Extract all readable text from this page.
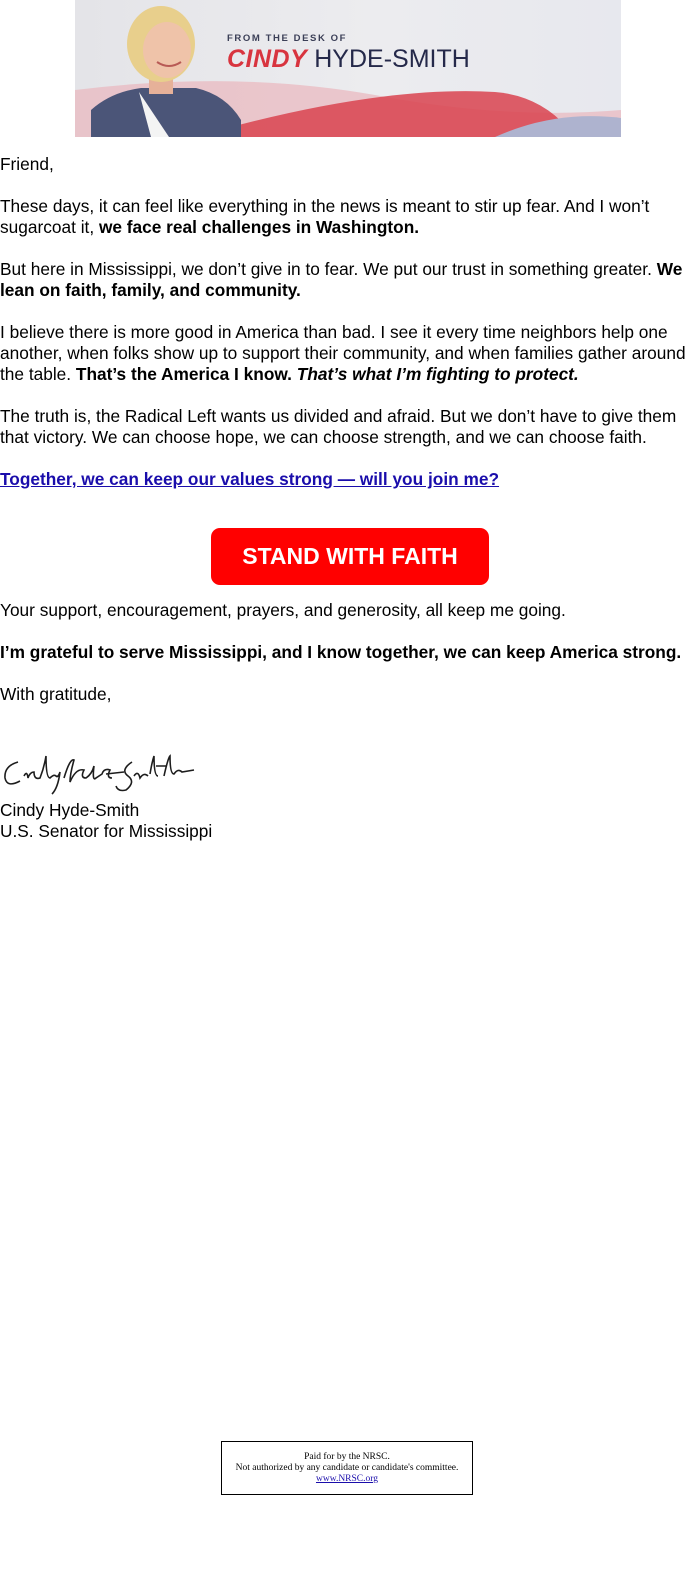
FROM THE DESK OF
CINDY HYDE-SMITH

Friend,

These days, it can feel like everything in the news is meant to stir up fear. And I won’t sugarcoat it, we face real challenges in Washington.

But here in Mississippi, we don’t give in to fear. We put our trust in something greater. We lean on faith, family, and community.

I believe there is more good in America than bad. I see it every time neighbors help one another, when folks show up to support their community, and when families gather around the table. That’s the America I know. That’s what I’m fighting to protect.

The truth is, the Radical Left wants us divided and afraid. But we don’t have to give them that victory. We can choose hope, we can choose strength, and we can choose faith.

Together, we can keep our values strong — will you join me?

STAND WITH FAITH

Your support, encouragement, prayers, and generosity, all keep me going.

I’m grateful to serve Mississippi, and I know together, we can keep America strong.

With gratitude,

Cindy Hyde-Smith
U.S. Senator for Mississippi
Paid for by the NRSC.
Not authorized by any candidate or candidate's committee.
www.NRSC.org
